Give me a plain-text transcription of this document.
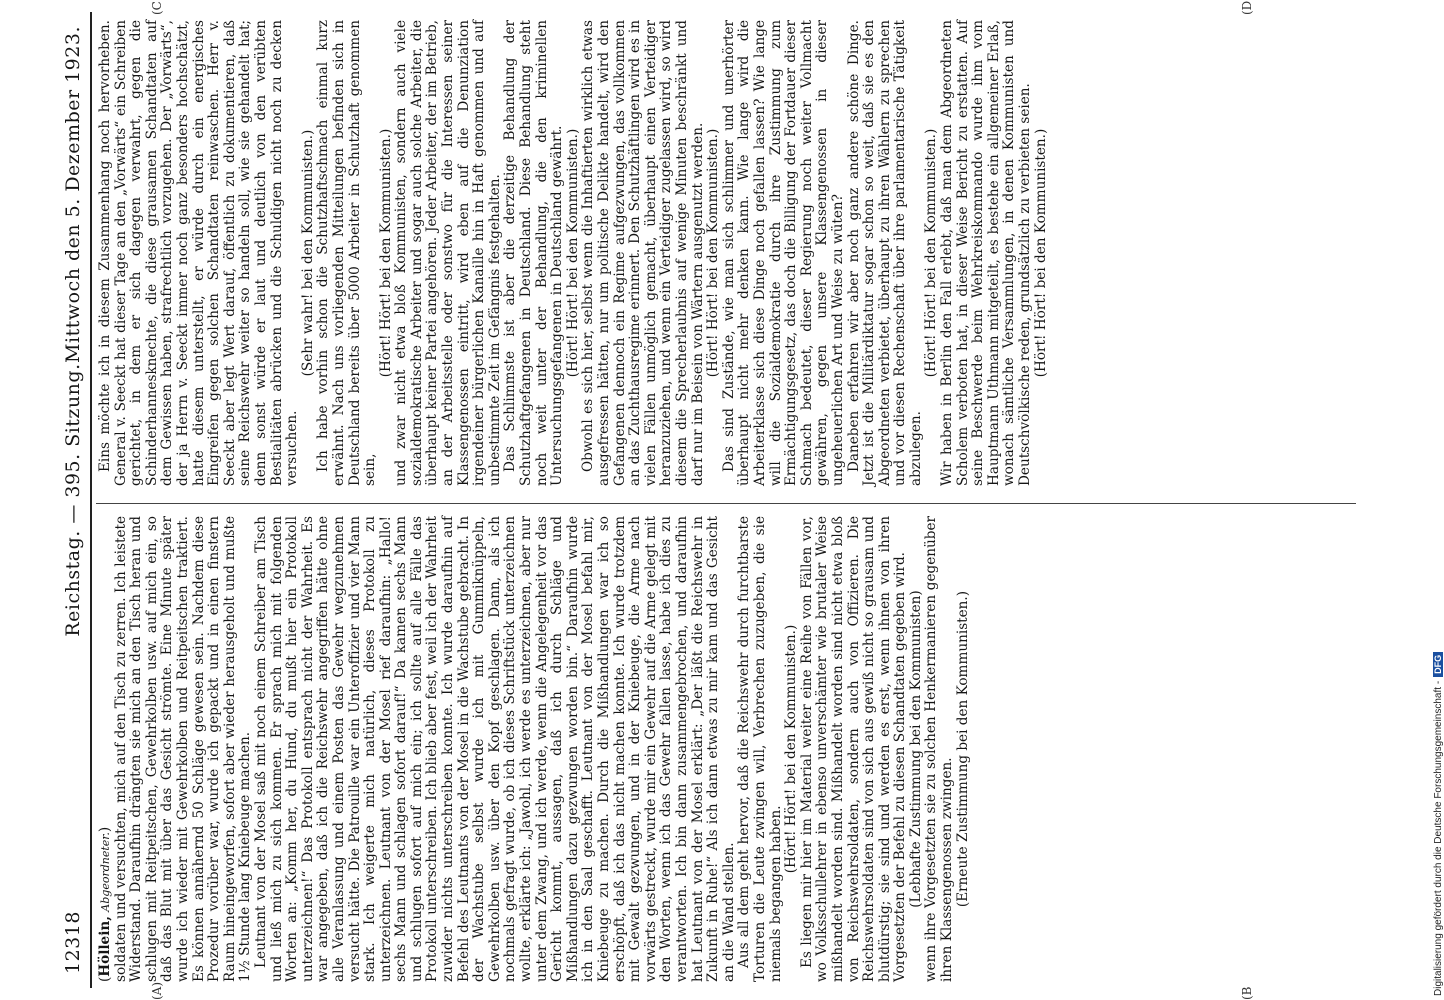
12318
Reichstag. — 395. Sitzung.
Mittwoch den 5. Dezember 1923.
(A)	(B
(D
(C

(Höllein, Abgeordneter.) soldaten und versuchten, mich auf den Tisch zu zerren. Ich leistete Widerstand. Daraufhin drängten sie mich an den Tisch heran und schlugen mit Reitpeitschen, Gewehrkolben usw. auf mich ein, so daß das Blut mit über das Gesicht strömte. Eine Minute später wurde ich wieder mit Gewehrkolben und Reitpeitschen traktiert. Es können annähernd 50 Schläge gewesen sein. Nachdem diese Prozedur vorüber war, wurde ich gepackt und in einen finstern Raum hineingeworfen, sofort aber wieder herausgeholt und mußte 1½ Stunde lang Kniebeuge machen. Leutnant von der Mosel saß mit noch einem Schreiber am Tisch und ließ mich zu sich kommen. Er sprach mich mit folgenden Worten an: „Komm her, du Hund, du mußt hier ein Protokoll unterzeichnen!“ Das Protokoll entsprach nicht der Wahrheit. Es war angegeben, daß ich die Reichswehr angegriffen hätte ohne alle Veranlassung und einem Posten das Gewehr wegzunehmen versucht hätte. Die Patrouille war ein Unteroffizier und vier Mann stark. Ich weigerte mich natürlich, dieses Protokoll zu unterzeichnen. Leutnant von der Mosel rief daraufhin: „Hallo! sechs Mann und schlagen sofort darauf!“ Da kamen sechs Mann und schlugen sofort auf mich ein; ich sollte auf alle Fälle das Protokoll unterschreiben. Ich blieb aber fest, weil ich der Wahrheit zuwider nichts unterschreiben konnte. Ich wurde daraufhin auf Befehl des Leutnants von der Mosel in die Wachstube gebracht. In der Wachstube selbst wurde ich mit Gummiknüppeln, Gewehrkolben usw. über den Kopf geschlagen. Dann, als ich nochmals gefragt wurde, ob ich dieses Schriftstück unterzeichnen wollte, erklärte ich: „Jawohl, ich werde es unterzeichnen, aber nur unter dem Zwang, und ich werde, wenn die Angelegenheit vor das Gericht kommt, aussagen, daß ich durch Schläge und Mißhandlungen dazu gezwungen worden bin.“ Daraufhin wurde ich in den Saal geschafft. Leutnant von der Mosel befahl mir, Kniebeuge zu machen. Durch die Mißhandlungen war ich so erschöpft, daß ich das nicht machen konnte. Ich wurde trotzdem mit Gewalt gezwungen, und in der Kniebeuge, die Arme nach vorwärts gestreckt, wurde mir ein Gewehr auf die Arme gelegt mit den Worten, wenn ich das Gewehr fallen lasse, habe ich dies zu verantworten. Ich bin dann zusammengebrochen, und daraufhin hat Leutnant von der Mosel erklärt: „Der läßt die Reichswehr in Zukunft in Ruhe!“ Als ich dann etwas zu mir kam und das Gesicht an die Wand stellen. Aus all dem geht hervor, daß die Reichswehr durch furchtbarste Torturen die Leute zwingen will, Verbrechen zuzugeben, die sie niemals begangen haben.

(Hört! Hört! bei den Kommunisten.) Es liegen mir hier im Material weiter eine Reihe von Fällen vor, wo Volksschullehrer in ebenso unverschämter wie brutaler Weise mißhandelt worden sind. Mißhandelt worden sind nicht etwa bloß von Reichswehrsoldaten, sondern auch von Offizieren. Die Reichswehrsoldaten sind von sich aus gewiß nicht so grausam und blutdürstig; sie sind und werden es erst, wenn ihnen von ihren Vorgesetzten der Befehl zu diesen Schandtaten gegeben wird. (Lebhafte Zustimmung bei den Kommunisten) wenn ihre Vorgesetzten sie zu solchen Henkermanieren gegenüber ihren Klassengenossen zwingen. (Erneute Zustimmung bei den Kommunisten.)

Eins möchte ich in diesem Zusammenhang noch hervorheben. General v. Seeckt hat dieser Tage an den „Vorwärts“ ein Schreiben gerichtet, in dem er sich dagegen verwahrt, gegen die Schinderhannesknechte, die diese grausamen Schandtaten auf dem Gewissen haben, strafrechtlich vorzugehen. Der „Vorwärts“, der ja Herrn v. Seeckt immer noch ganz besonders hochschätzt, hatte diesem unterstellt, er würde durch ein energisches Eingreifen gegen solchen Schandtaten reinwaschen. Herr v. Seeckt aber legt Wert darauf, öffentlich zu dokumentieren, daß seine Reichswehr weiter so handeln soll, wie sie gehandelt hat; denn sonst würde er laut und deutlich von den verübten Bestialitäten abrücken und die Schuldigen nicht noch zu decken versuchen.

(Sehr wahr! bei den Kommunisten.) Ich habe vorhin schon die Schutzhaftschmach einmal kurz erwähnt. Nach uns vorliegenden Mitteilungen befinden sich in Deutschland bereits über 5000 Arbeiter in Schutzhaft genommen sein,

(Hört! Hört! bei den Kommunisten.) und zwar nicht etwa bloß Kommunisten, sondern auch viele sozialdemokratische Arbeiter und sogar auch solche Arbeiter, die überhaupt keiner Partei angehören. Jeder Arbeiter, der im Betrieb, an der Arbeitsstelle oder sonstwo für die Interessen seiner Klassengenossen eintritt, wird eben auf die Denunziation irgendeiner bürgerlichen Kanaille hin in Haft genommen und auf unbestimmte Zeit im Gefängnis festgehalten. Das Schlimmste ist aber die derzeitige Behandlung der Schutzhaftgefangenen in Deutschland. Diese Behandlung steht noch weit unter der Behandlung, die den kriminellen Untersuchungsgefangenen in Deutschland gewährt. (Hört! Hört! bei den Kommunisten.) Obwohl es sich hier, selbst wenn die Inhaftierten wirklich etwas ausgefressen hätten, nur um politische Delikte handelt, wird den Gefangenen dennoch ein Regime aufgezwungen, das vollkommen an das Zuchthausregime erinnert. Den Schutzhäftlingen wird es in vielen Fällen unmöglich gemacht, überhaupt einen Verteidiger heranzuziehen, und wenn ein Verteidiger zugelassen wird, so wird diesem die Sprecherlaubnis auf wenige Minuten beschränkt und darf nur im Beisein von Wärtern ausgenutzt werden. (Hört! Hört! bei den Kommunisten.) Das sind Zustände, wie man sich schlimmer und unerhörter überhaupt nicht mehr denken kann. Wie lange wird die Arbeiterklasse sich diese Dinge noch gefallen lassen? Wie lange will die Sozialdemokratie durch ihre Zustimmung zum Ermächtigungsgesetz, das doch die Billigung der Fortdauer dieser Schmach bedeutet, dieser Regierung noch weiter Vollmacht gewähren, gegen unsere Klassengenossen in dieser ungeheuerlichen Art und Weise zu wüten? Daneben erfahren wir aber noch ganz andere schöne Dinge. Jetzt ist die Militärdiktatur sogar schon so weit, daß sie es den Abgeordneten verbietet, überhaupt zu ihren Wählern zu sprechen und vor diesen Rechenschaft über ihre parlamentarische Tätigkeit abzulegen.

(Hört! Hört! bei den Kommunisten.) Wir haben in Berlin den Fall erlebt, daß man dem Abgeordneten Scholem verboten hat, in dieser Weise Bericht zu erstatten. Auf seine Beschwerde beim Wehrkreiskommando wurde ihm vom Hauptmann Uthmann mitgeteilt, es bestehe ein allgemeiner Erlaß, wonach sämtliche Versammlungen, in denen Kommunisten und Deutschvölkische reden, grundsätzlich zu verbieten seien. (Hört! Hört! bei den Kommunisten.)

Digitalisierung gefördert durch die Deutsche Forschungsgemeinschaft -DFG
